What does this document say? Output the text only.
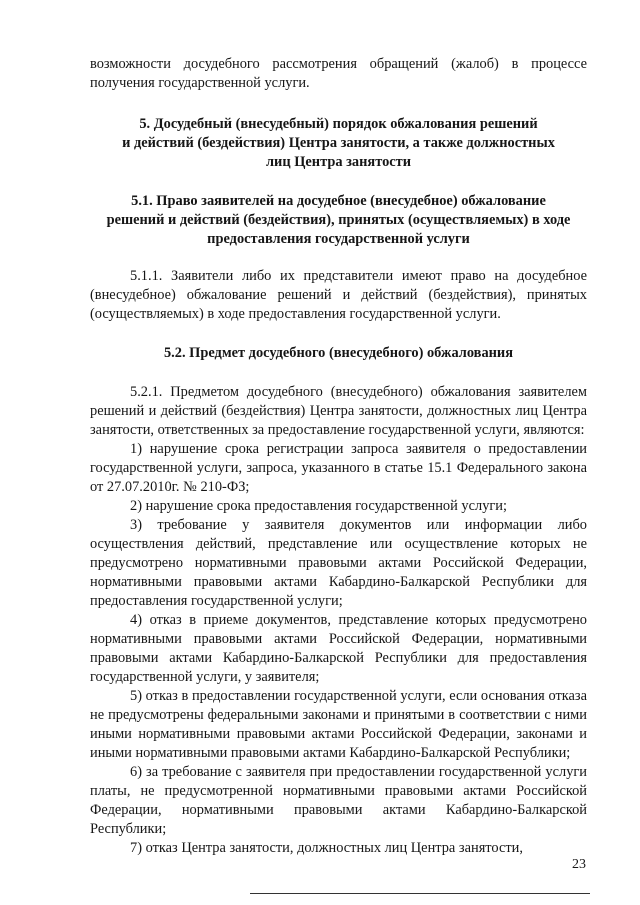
возможности досудебного рассмотрения обращений (жалоб) в процессе получения государственной услуги.

5. Досудебный (внесудебный) порядок обжалования решений
и действий (бездействия) Центра занятости, а также должностных
лиц Центра занятости
5.1. Право заявителей на досудебное (внесудебное) обжалование
решений и действий (бездействия), принятых (осуществляемых) в ходе
предоставления государственной услуги

5.1.1. Заявители либо их представители имеют право на досудебное (внесудебное) обжалование решений и действий (бездействия), принятых (осуществляемых) в ходе предоставления государственной услуги.

5.2. Предмет досудебного (внесудебного) обжалования

5.2.1. Предметом досудебного (внесудебного) обжалования заявителем решений и действий (бездействия) Центра занятости, должностных лиц Центра занятости, ответственных за предоставление государственной услуги, являются:

1) нарушение срока регистрации запроса заявителя о предоставлении государственной услуги, запроса, указанного в статье 15.1 Федерального закона от 27.07.2010г. № 210-ФЗ;

2) нарушение срока предоставления государственной услуги;

3) требование у заявителя документов или информации либо осуществления действий, представление или осуществление которых не предусмотрено нормативными правовыми актами Российской Федерации, нормативными правовыми актами Кабардино-Балкарской Республики для предоставления государственной услуги;

4) отказ в приеме документов, представление которых предусмотрено нормативными правовыми актами Российской Федерации, нормативными правовыми актами Кабардино-Балкарской Республики для предоставления государственной услуги, у заявителя;

5) отказ в предоставлении государственной услуги, если основания отказа не предусмотрены федеральными законами и принятыми в соответствии с ними иными нормативными правовыми актами Российской Федерации, законами и иными нормативными правовыми актами Кабардино-Балкарской Республики;

6) за требование с заявителя при предоставлении государственной услуги платы, не предусмотренной нормативными правовыми актами Российской Федерации, нормативными правовыми актами Кабардино-Балкарской Республики;

7) отказ Центра занятости, должностных лиц Центра занятости,

23
